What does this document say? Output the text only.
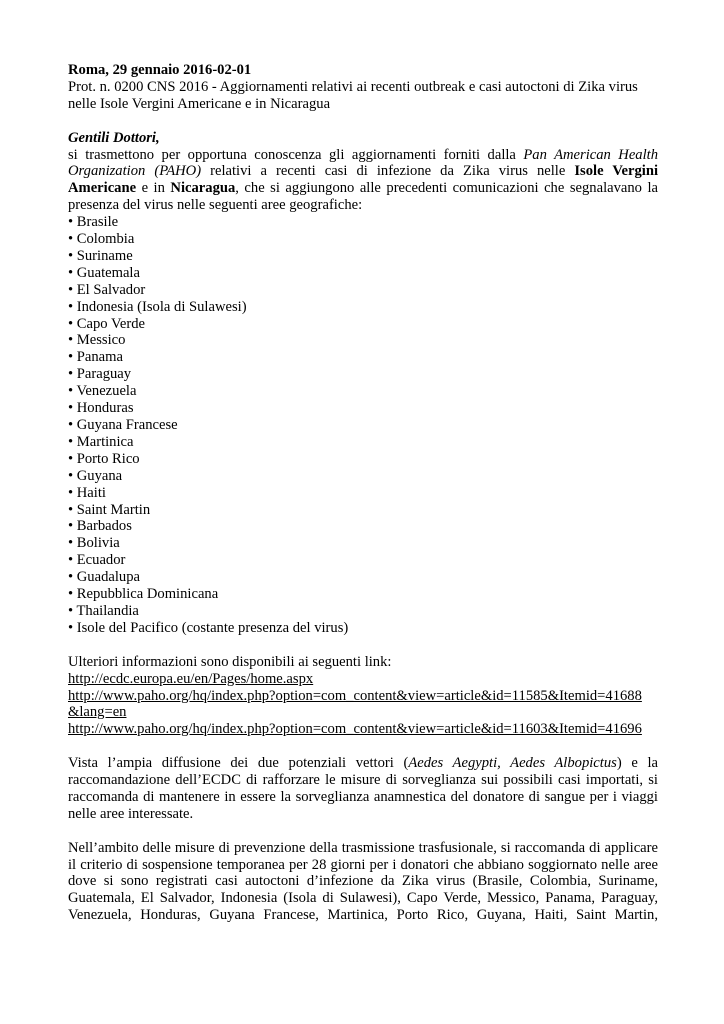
Roma, 29 gennaio 2016-02-01
Prot. n. 0200 CNS 2016 - Aggiornamenti relativi ai recenti outbreak e casi autoctoni di Zika virus
nelle Isole Vergini Americane e in Nicaragua
Gentili Dottori,

si trasmettono per opportuna conoscenza gli aggiornamenti forniti dalla Pan American Health Organization (PAHO) relativi a recenti casi di infezione da Zika virus nelle Isole Vergini Americane e in Nicaragua, che si aggiungono alle precedenti comunicazioni che segnalavano la presenza del virus nelle seguenti aree geografiche:

• Brasile
• Colombia
• Suriname
• Guatemala
• El Salvador
• Indonesia (Isola di Sulawesi)
• Capo Verde
• Messico
• Panama
• Paraguay
• Venezuela
• Honduras
• Guyana Francese
• Martinica
• Porto Rico
• Guyana
• Haiti
• Saint Martin
• Barbados
• Bolivia
• Ecuador
• Guadalupa
• Repubblica Dominicana
• Thailandia
• Isole del Pacifico (costante presenza del virus)
Ulteriori informazioni sono disponibili ai seguenti link:
http://ecdc.europa.eu/en/Pages/home.aspx
http://www.paho.org/hq/index.php?option=com_content&view=article&id=11585&Itemid=41688
&lang=en
http://www.paho.org/hq/index.php?option=com_content&view=article&id=11603&Itemid=41696

Vista l’ampia diffusione dei due potenziali vettori (Aedes Aegypti, Aedes Albopictus) e la raccomandazione dell’ECDC di rafforzare le misure di sorveglianza sui possibili casi importati, si raccomanda di mantenere in essere la sorveglianza anamnestica del donatore di sangue per i viaggi nelle aree interessate.

Nell’ambito delle misure di prevenzione della trasmissione trasfusionale, si raccomanda di applicare il criterio di sospensione temporanea per 28 giorni per i donatori che abbiano soggiornato nelle aree dove si sono registrati casi autoctoni d’infezione da Zika virus (Brasile, Colombia, Suriname, Guatemala, El Salvador, Indonesia (Isola di Sulawesi), Capo Verde, Messico, Panama, Paraguay, Venezuela, Honduras, Guyana Francese, Martinica, Porto Rico, Guyana, Haiti, Saint Martin,
